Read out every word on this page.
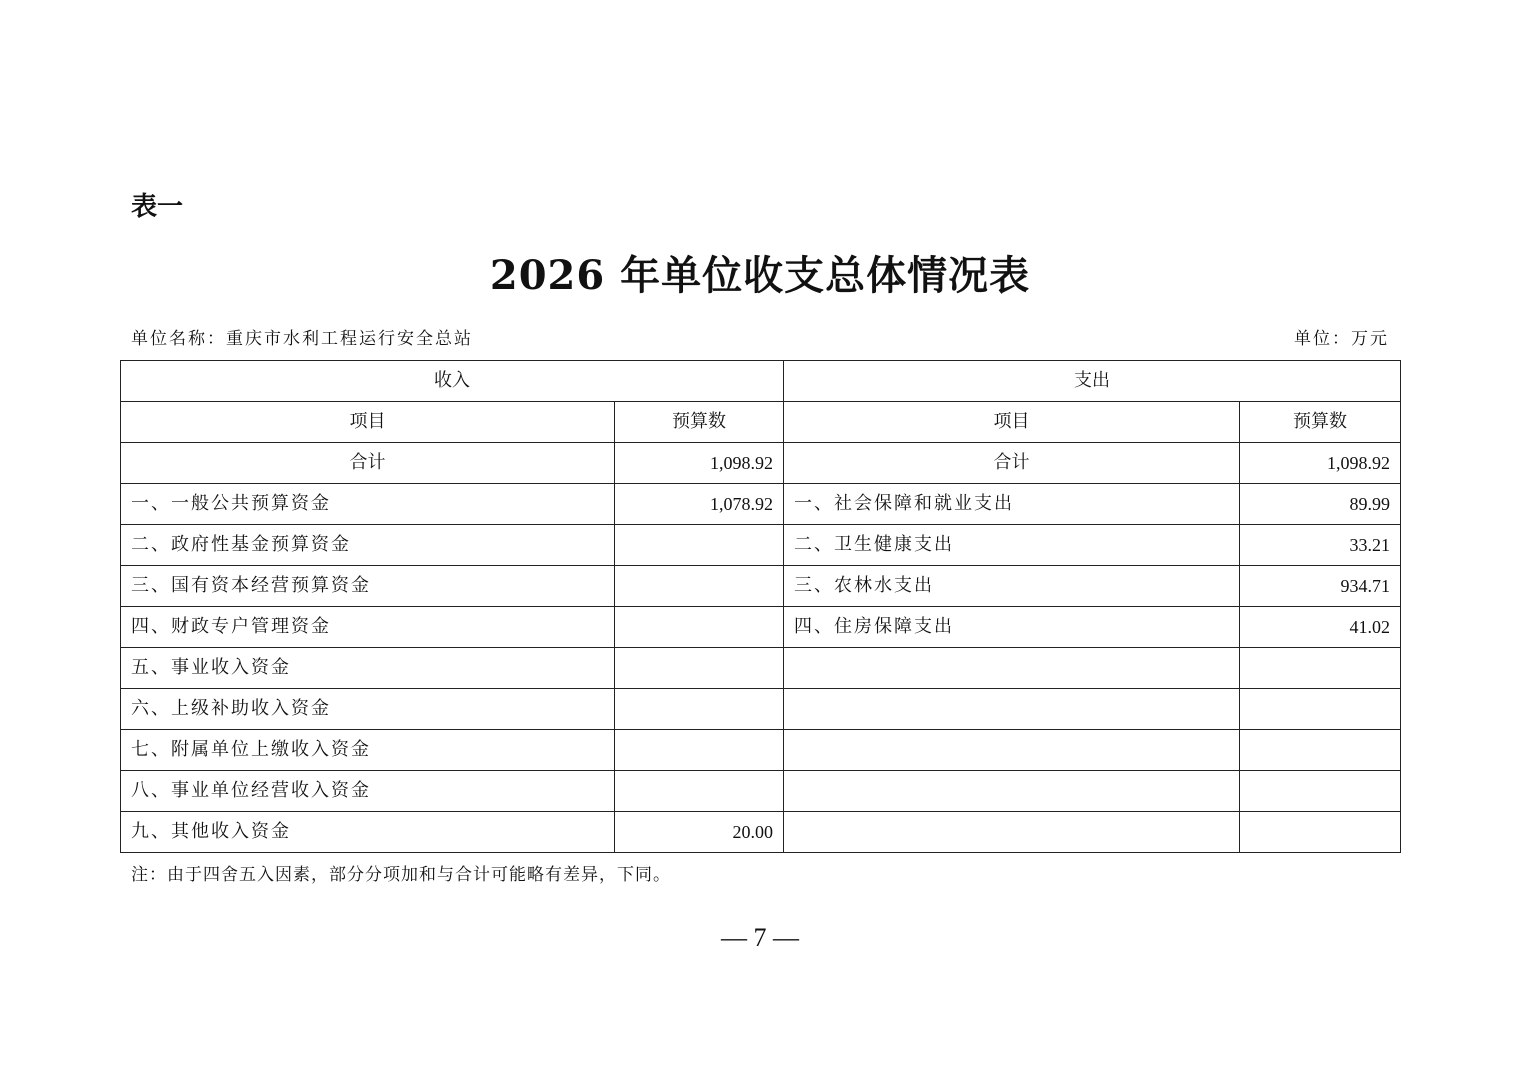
表一
2026 年单位收支总体情况表
单位名称：重庆市水利工程运行安全总站	单位：万元
收入		支出	
项目	预算数	项目	预算数
合计	1,098.92	合计	1,098.92
一、一般公共预算资金	1,078.92	一、社会保障和就业支出	89.99
二、政府性基金预算资金		二、卫生健康支出	33.21
三、国有资本经营预算资金		三、农林水支出	934.71
四、财政专户管理资金		四、住房保障支出	41.02
五、事业收入资金			
六、上级补助收入资金			
七、附属单位上缴收入资金			
八、事业单位经营收入资金			
九、其他收入资金	20.00		
注：由于四舍五入因素，部分分项加和与合计可能略有差异，下同。
— 7 —
